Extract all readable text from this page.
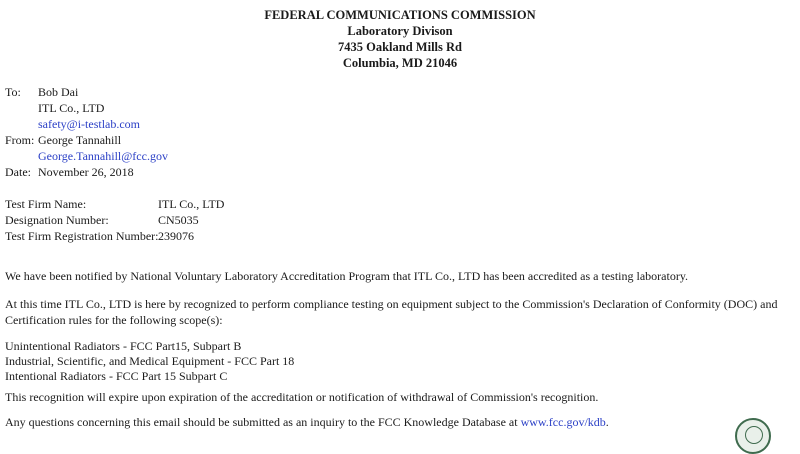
FEDERAL COMMUNICATIONS COMMISSION
Laboratory Divison
7435 Oakland Mills Rd
Columbia, MD 21046
To: Bob Dai
ITL Co., LTD
safety@i-testlab.com
From: George Tannahill
George.Tannahill@fcc.gov
Date: November 26, 2018
Test Firm Name:	ITL Co., LTD
Designation Number:	CN5035
Test Firm Registration Number: 239076
We have been notified by National Voluntary Laboratory Accreditation Program that ITL Co., LTD has been accredited as a testing laboratory.
At this time ITL Co., LTD is here by recognized to perform compliance testing on equipment subject to the Commission's Declaration of Conformity (DOC) and Certification rules for the following scope(s):
Unintentional Radiators - FCC Part15, Subpart B
Industrial, Scientific, and Medical Equipment - FCC Part 18
Intentional Radiators - FCC Part 15 Subpart C
This recognition will expire upon expiration of the accreditation or notification of withdrawal of Commission's recognition.
Any questions concerning this email should be submitted as an inquiry to the FCC Knowledge Database at www.fcc.gov/kdb.
